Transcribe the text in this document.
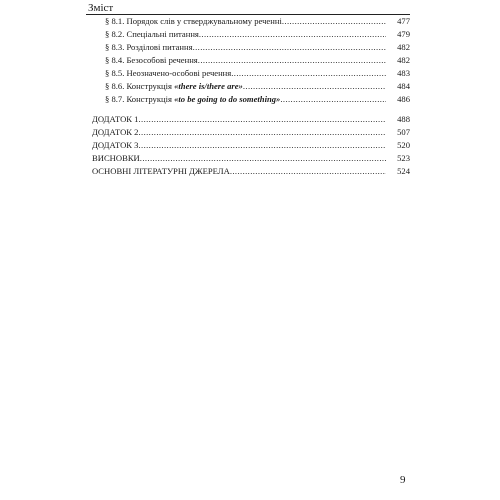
Зміст
§ 8.1. Порядок слів у стверджувальному реченні .....	477
§ 8.2. Спеціальні питання .....	479
§ 8.3. Розділові питання .....	482
§ 8.4. Безособові речення .....	482
§ 8.5. Неозначено-особові речення .....	483
§ 8.6. Конструкція «there is/there are» .....	484
§ 8.7. Конструкція «to be going to do something» .....	486
ДОДАТОК 1 .....	488
ДОДАТОК 2 .....	507
ДОДАТОК 3 .....	520
ВИСНОВКИ .....	523
ОСНОВНІ ЛІТЕРАТУРНІ ДЖЕРЕЛА .....	524
9
